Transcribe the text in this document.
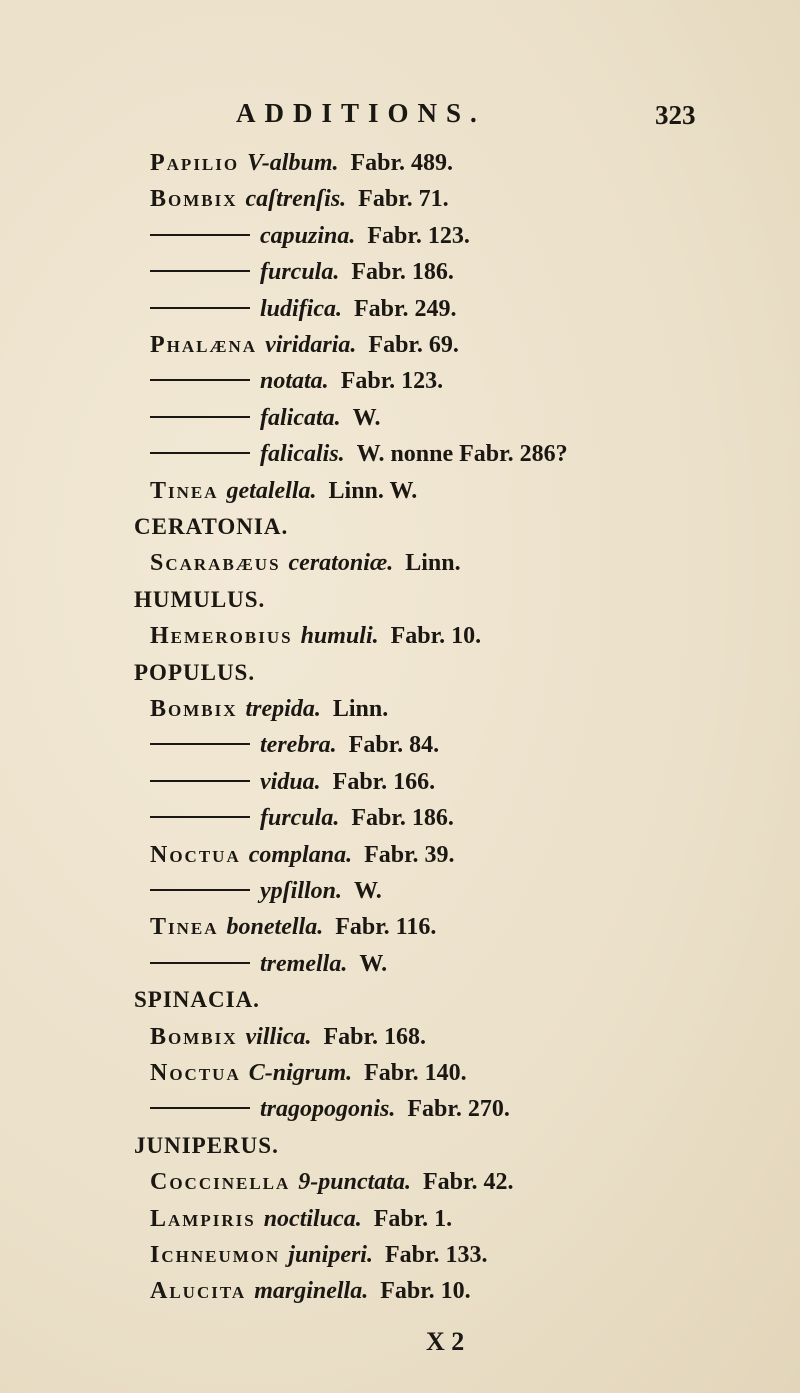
ADDITIONS.	323
Papilio V-album. Fabr. 489.
Bombix caſtrenſis. Fabr. 71.
capuzina. Fabr. 123.
furcula. Fabr. 186.
ludifica. Fabr. 249.
Phalæna viridaria. Fabr. 69.
notata. Fabr. 123.
falicata. W.
falicalis. W. nonne Fabr. 286?
Tinea getalella. Linn. W.
CERATONIA.
Scarabæus ceratoniæ. Linn.
HUMULUS.
Hemerobius humuli. Fabr. 10.
POPULUS.
Bombix trepida. Linn.
terebra. Fabr. 84.
vidua. Fabr. 166.
furcula. Fabr. 186.
Noctua complana. Fabr. 39.
ypſillon. W.
Tinea bonetella. Fabr. 116.
tremella. W.
SPINACIA.
Bombix villica. Fabr. 168.
Noctua C-nigrum. Fabr. 140.
tragopogonis. Fabr. 270.
JUNIPERUS.
Coccinella 9-punctata. Fabr. 42.
Lampiris noctiluca. Fabr. 1.
Ichneumon juniperi. Fabr. 133.
Alucita marginella. Fabr. 10.
X 2
